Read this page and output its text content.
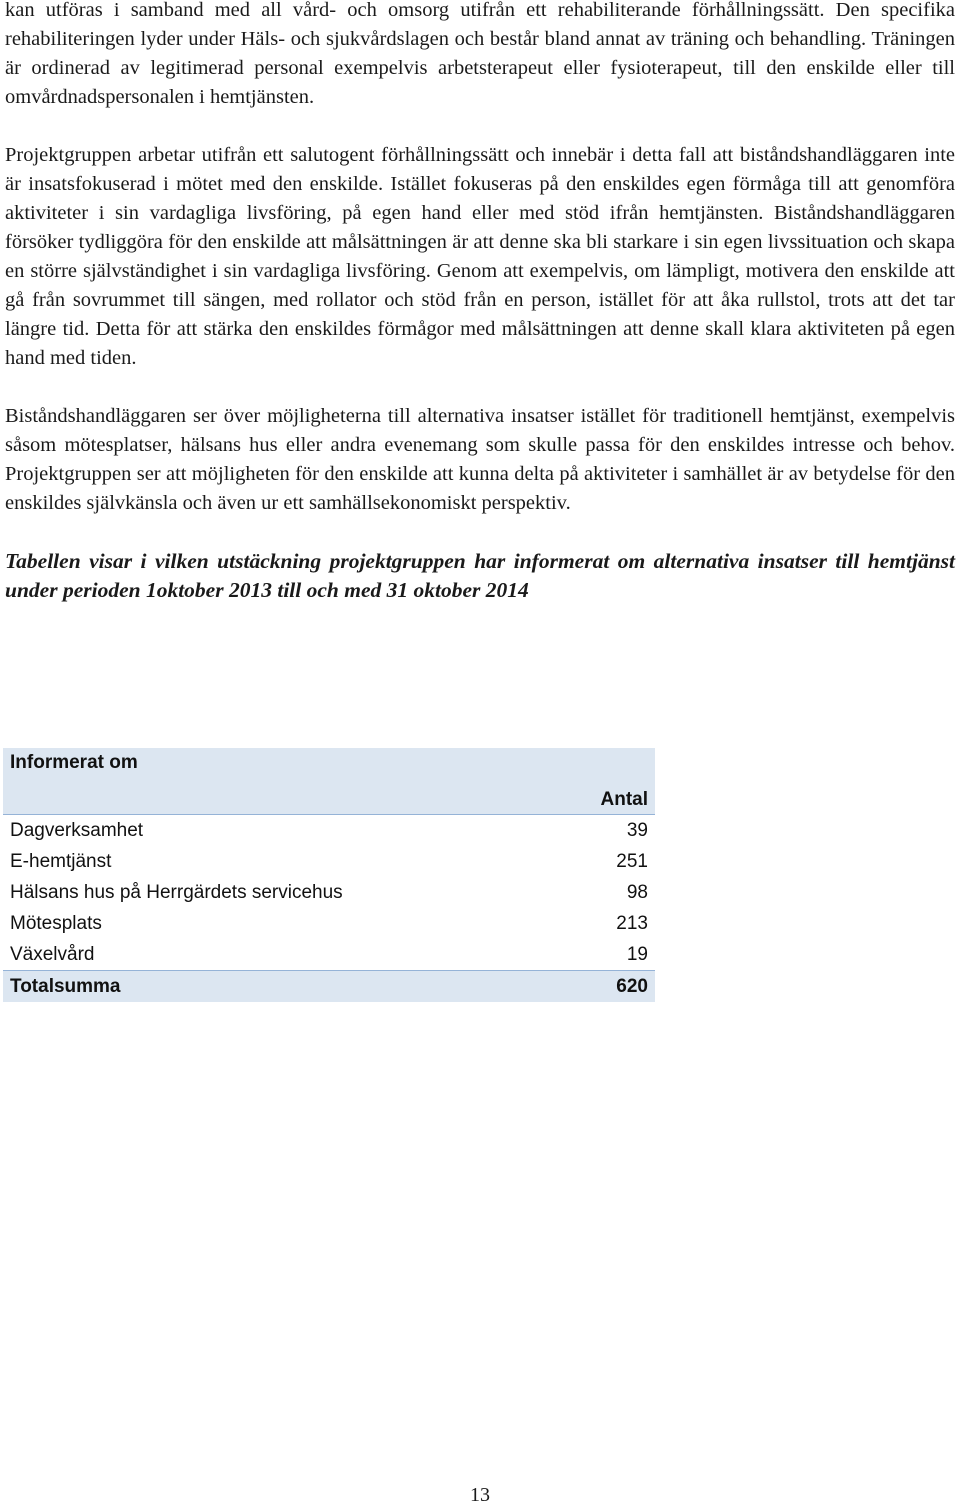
kan utföras i samband med all vård- och omsorg utifrån ett rehabiliterande förhållningssätt. Den specifika rehabiliteringen lyder under Häls- och sjukvårdslagen och består bland annat av träning och behandling. Träningen är ordinerad av legitimerad personal exempelvis arbetsterapeut eller fysioterapeut, till den enskilde eller till omvårdnadspersonalen i hemtjänsten.

Projektgruppen arbetar utifrån ett salutogent förhållningssätt och innebär i detta fall att biståndshandläggaren inte är insatsfokuserad i mötet med den enskilde. Istället fokuseras på den enskildes egen förmåga till att genomföra aktiviteter i sin vardagliga livsföring, på egen hand eller med stöd ifrån hemtjänsten. Biståndshandläggaren försöker tydliggöra för den enskilde att målsättningen är att denne ska bli starkare i sin egen livssituation och skapa en större självständighet i sin vardagliga livsföring. Genom att exempelvis, om lämpligt, motivera den enskilde att gå från sovrummet till sängen, med rollator och stöd från en person, istället för att åka rullstol, trots att det tar längre tid. Detta för att stärka den enskildes förmågor med målsättningen att denne skall klara aktiviteten på egen hand med tiden.

Biståndshandläggaren ser över möjligheterna till alternativa insatser istället för traditionell hemtjänst, exempelvis såsom mötesplatser, hälsans hus eller andra evenemang som skulle passa för den enskildes intresse och behov. Projektgruppen ser att möjligheten för den enskilde att kunna delta på aktiviteter i samhället är av betydelse för den enskildes självkänsla och även ur ett samhällsekonomiskt perspektiv.

Tabellen visar i vilken utstäckning projektgruppen har informerat om alternativa insatser till hemtjänst under perioden 1oktober 2013 till och med 31 oktober 2014

Informerat om	
Antal	
Dagverksamhet	39
E-hemtjänst	251
Hälsans hus på Herrgärdets servicehus	98
Mötesplats	213
Växelvård	19
Totalsumma	620
13
